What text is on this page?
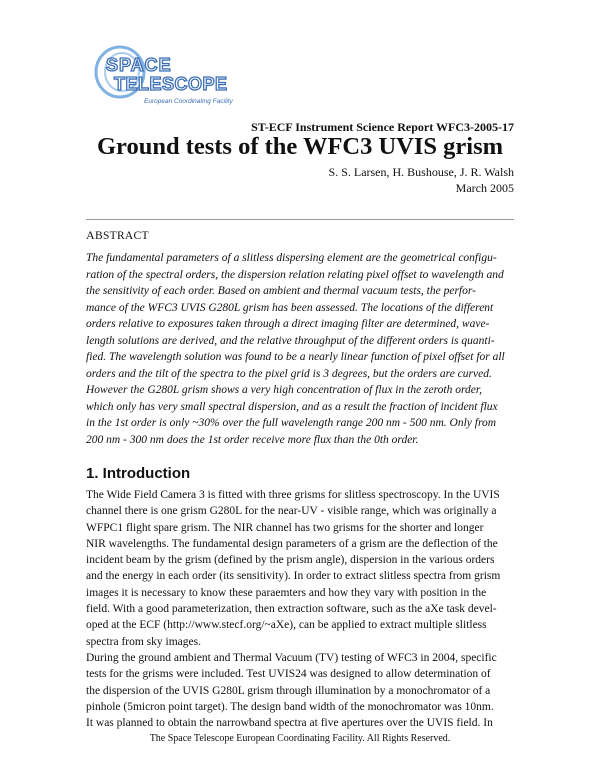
SPACE
TELESCOPE
European Coordinating Facility
ST-ECF Instrument Science Report WFC3-2005-17
Ground tests of the WFC3 UVIS grism
S. S. Larsen, H. Bushouse, J. R. Walsh
March 2005
ABSTRACT

The fundamental parameters of a slitless dispersing element are the geometrical configu-
ration of the spectral orders, the dispersion relation relating pixel offset to wavelength and
the sensitivity of each order. Based on ambient and thermal vacuum tests, the perfor-
mance of the WFC3 UVIS G280L grism has been assessed. The locations of the different
orders relative to exposures taken through a direct imaging filter are determined, wave-
length solutions are derived, and the relative throughput of the different orders is quanti-
fied. The wavelength solution was found to be a nearly linear function of pixel offset for all
orders and the tilt of the spectra to the pixel grid is 3 degrees, but the orders are curved.
However the G280L grism shows a very high concentration of flux in the zeroth order,
which only has very small spectral dispersion, and as a result the fraction of incident flux
in the 1st order is only ~30% over the full wavelength range 200 nm - 500 nm. Only from
200 nm - 300 nm does the 1st order receive more flux than the 0th order.

1. Introduction

The Wide Field Camera 3 is fitted with three grisms for slitless spectroscopy. In the UVIS
channel there is one grism G280L for the near-UV - visible range, which was originally a
WFPC1 flight spare grism. The NIR channel has two grisms for the shorter and longer
NIR wavelengths. The fundamental design parameters of a grism are the deflection of the
incident beam by the grism (defined by the prism angle), dispersion in the various orders
and the energy in each order (its sensitivity). In order to extract slitless spectra from grism
images it is necessary to know these paraemters and how they vary with position in the
field. With a good parameterization, then extraction software, such as the aXe task devel-
oped at the ECF (http://www.stecf.org/~aXe), can be applied to extract multiple slitless
spectra from sky images.
During the ground ambient and Thermal Vacuum (TV) testing of WFC3 in 2004, specific
tests for the grisms were included. Test UVIS24 was designed to allow determination of
the dispersion of the UVIS G280L grism through illumination by a monochromator of a
pinhole (5micron point target). The design band width of the monochromator was 10nm.
It was planned to obtain the narrowband spectra at five apertures over the UVIS field. In

The Space Telescope European Coordinating Facility. All Rights Reserved.
